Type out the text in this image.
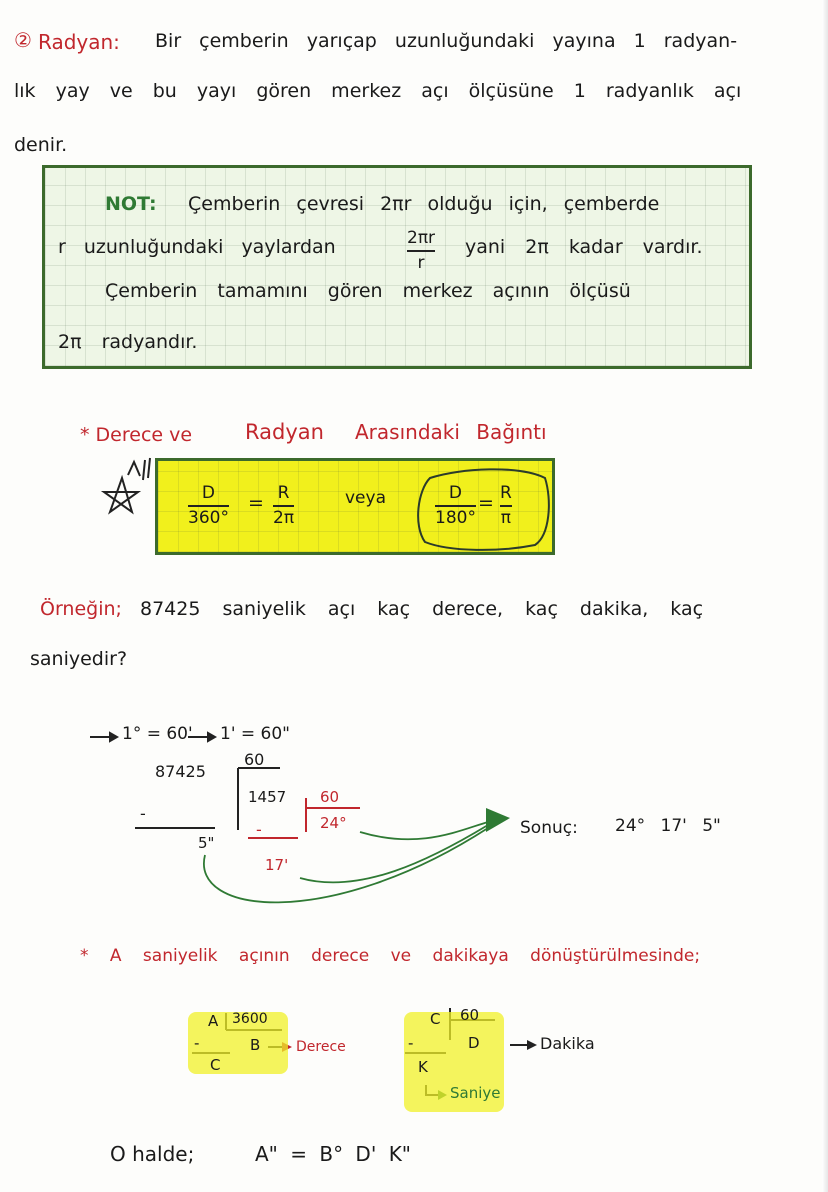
② Radyan: Bir çemberin yarıçap uzunluğundaki yayına 1 radyan-
lık yay ve bu yayı gören merkez açı ölçüsüne 1 radyanlık açı
denir.
NOT: Çemberin çevresi 2πr olduğu için, çemberde
r uzunluğundaki yaylardan	$\frac{2\pi r}{r}$ yani 2π kadar vardır.
Çemberin tamamını gören merkez açının ölçüsü
2π radyandır.
* Derece ve	Radyan Arasındaki Bağıntı
$\frac{D}{360^\circ} = \frac{R}{2\pi}$	veya	$\frac{D}{180^\circ} = \frac{R}{\pi}$
Örneğin; 87425 saniyelik açı kaç derece, kaç dakika, kaç
saniyedir?
1° = 60' 1' = 60"
87425
60
1457
-
5"
60
24°
-
17'
Sonuç: 24° 17' 5"
* A saniyelik açının derece ve dakikaya dönüştürülmesinde;
A 3600
-	B	Derece
C
C 60
-	D	Dakika
K
Saniye
O halde;	A" = B° D' K"
